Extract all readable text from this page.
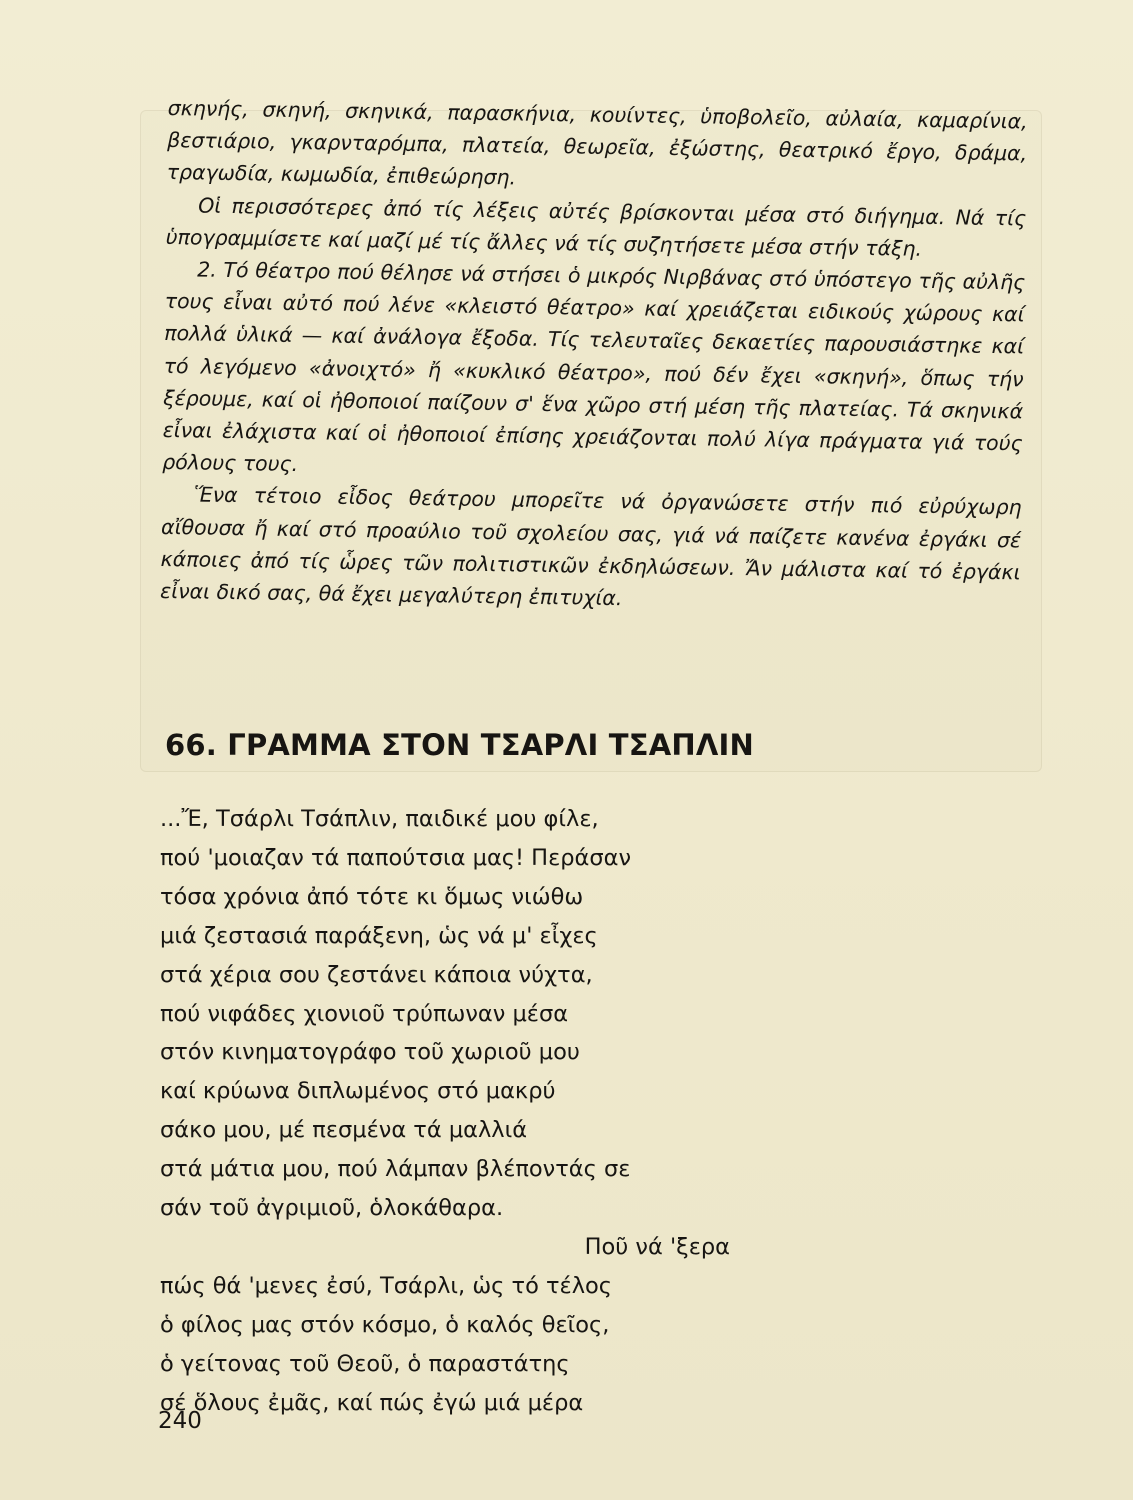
σκηνής, σκηνή, σκηνικά, παρασκήνια, κουίντες, ὑποβολεῖο, αὐλαία, καμαρίνια, βεστιάριο, γκαρνταρόμπα, πλατεία, θεωρεῖα, ἐξώστης, θεατρικό ἔργο, δράμα, τραγωδία, κωμωδία, ἐπιθεώρηση.

Οἱ περισσότερες ἀπό τίς λέξεις αὐτές βρίσκονται μέσα στό διήγημα. Νά τίς ὑπογραμμίσετε καί μαζί μέ τίς ἄλλες νά τίς συζητήσετε μέσα στήν τάξη.

2. Τό θέατρο πού θέλησε νά στήσει ὁ μικρός Νιρβάνας στό ὑπόστεγο τῆς αὐλῆς τους εἶναι αὐτό πού λένε «κλειστό θέατρο» καί χρειάζεται ειδικούς χώρους καί πολλά ὑλικά — καί ἀνάλογα ἔξοδα. Τίς τελευταῖες δεκαετίες παρουσιάστηκε καί τό λεγόμενο «ἀνοιχτό» ἤ «κυκλικό θέατρο», πού δέν ἔχει «σκηνή», ὅπως τήν ξέρουμε, καί οἱ ἠθοποιοί παίζουν σ' ἕνα χῶρο στή μέση τῆς πλατείας. Τά σκηνικά εἶναι ἐλάχιστα καί οἱ ἠθοποιοί ἐπίσης χρειάζονται πολύ λίγα πράγματα γιά τούς ρόλους τους.

Ἕνα τέτοιο εἶδος θεάτρου μπορεῖτε νά ὀργανώσετε στήν πιό εὐρύχωρη αἴθουσα ἤ καί στό προαύλιο τοῦ σχολείου σας, γιά νά παίζετε κανένα ἐργάκι σέ κάποιες ἀπό τίς ὧρες τῶν πολιτιστικῶν ἐκδηλώσεων. Ἄν μάλιστα καί τό ἐργάκι εἶναι δικό σας, θά ἔχει μεγαλύτερη ἐπιτυχία.

66. ΓΡΑΜΜΑ ΣΤΟΝ ΤΣΑΡΛΙ ΤΣΑΠΛΙΝ
...Ἔ, Τσάρλι Τσάπλιν, παιδικέ μου φίλε,
πού 'μοιαζαν τά παπούτσια μας! Περάσαν
τόσα χρόνια ἀπό τότε κι ὅμως νιώθω
μιά ζεστασιά παράξενη, ὡς νά μ' εἶχες
στά χέρια σου ζεστάνει κάποια νύχτα,
πού νιφάδες χιονιοῦ τρύπωναν μέσα
στόν κινηματογράφο τοῦ χωριοῦ μου
καί κρύωνα διπλωμένος στό μακρύ
σάκο μου, μέ πεσμένα τά μαλλιά
στά μάτια μου, πού λάμπαν βλέποντάς σε
σάν τοῦ ἀγριμιοῦ, ὁλοκάθαρα.
Ποῦ νά 'ξερα
πώς θά 'μενες ἐσύ, Τσάρλι, ὡς τό τέλος
ὁ φίλος μας στόν κόσμο, ὁ καλός θεῖος,
ὁ γείτονας τοῦ Θεοῦ, ὁ παραστάτης
σέ ὅλους ἐμᾶς, καί πώς ἐγώ μιά μέρα
240
